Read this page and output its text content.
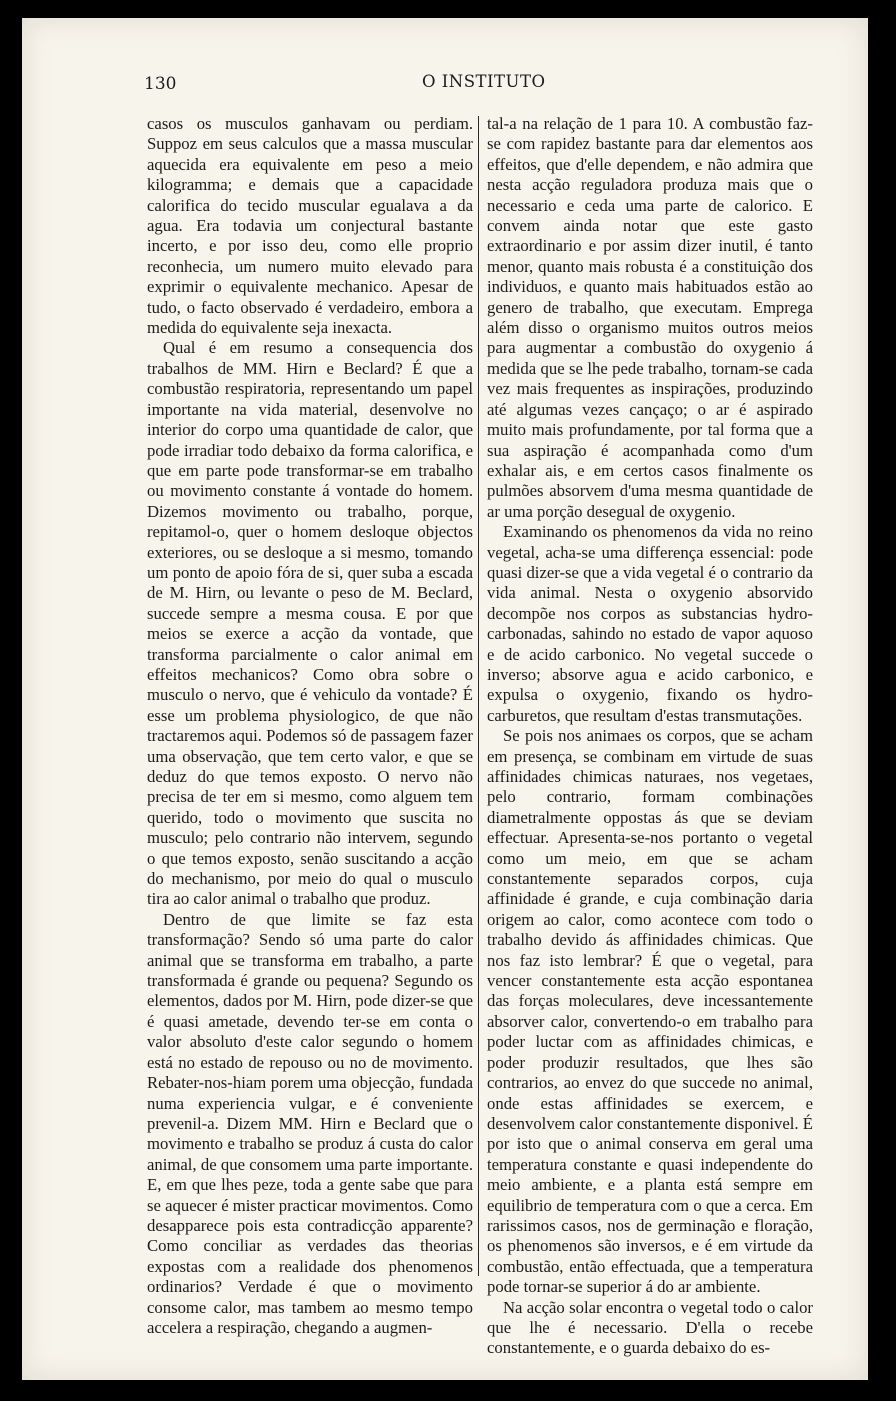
130	O INSTITUTO

casos os musculos ganhavam ou perdiam. Suppoz em seus calculos que a massa muscular aquecida era equivalente em peso a meio kilogramma; e demais que a capacidade calorifica do tecido muscular egualava a da agua. Era todavia um conjectural bastante incerto, e por isso deu, como elle proprio reconhecia, um numero muito elevado para exprimir o equivalente mechanico. Apesar de tudo, o facto observado é verdadeiro, embora a medida do equivalente seja inexacta.

Qual é em resumo a consequencia dos trabalhos de MM. Hirn e Beclard? É que a combustão respiratoria, representando um papel importante na vida material, desenvolve no interior do corpo uma quantidade de calor, que pode irradiar todo debaixo da forma calorifica, e que em parte pode transformar-se em trabalho ou movimento constante á vontade do homem. Dizemos movimento ou trabalho, porque, repitamol-o, quer o homem desloque objectos exteriores, ou se desloque a si mesmo, tomando um ponto de apoio fóra de si, quer suba a escada de M. Hirn, ou levante o peso de M. Beclard, succede sempre a mesma cousa. E por que meios se exerce a acção da vontade, que transforma parcialmente o calor animal em effeitos mechanicos? Como obra sobre o musculo o nervo, que é vehiculo da vontade? É esse um problema physiologico, de que não tractaremos aqui. Podemos só de passagem fazer uma observação, que tem certo valor, e que se deduz do que temos exposto. O nervo não precisa de ter em si mesmo, como alguem tem querido, todo o movimento que suscita no musculo; pelo contrario não intervem, segundo o que temos exposto, senão suscitando a acção do mechanismo, por meio do qual o musculo tira ao calor animal o trabalho que produz.

Dentro de que limite se faz esta transformação? Sendo só uma parte do calor animal que se transforma em trabalho, a parte transformada é grande ou pequena? Segundo os elementos, dados por M. Hirn, pode dizer-se que é quasi ametade, devendo ter-se em conta o valor absoluto d'este calor segundo o homem está no estado de repouso ou no de movimento. Rebater-nos-hiam porem uma objecção, fundada numa experiencia vulgar, e é conveniente prevenil-a. Dizem MM. Hirn e Beclard que o movimento e trabalho se produz á custa do calor animal, de que consomem uma parte importante. E, em que lhes peze, toda a gente sabe que para se aquecer é mister practicar movimentos. Como desapparece pois esta contradicção apparente? Como conciliar as verdades das theorias expostas com a realidade dos phenomenos ordinarios? Verdade é que o movimento consome calor, mas tambem ao mesmo tempo accelera a respiração, chegando a augmen-

tal-a na relação de 1 para 10. A combustão faz-se com rapidez bastante para dar elementos aos effeitos, que d'elle dependem, e não admira que nesta acção reguladora produza mais que o necessario e ceda uma parte de calorico. E convem ainda notar que este gasto extraordinario e por assim dizer inutil, é tanto menor, quanto mais robusta é a constituição dos individuos, e quanto mais habituados estão ao genero de trabalho, que executam. Emprega além disso o organismo muitos outros meios para augmentar a combustão do oxygenio á medida que se lhe pede trabalho, tornam-se cada vez mais frequentes as inspirações, produzindo até algumas vezes cançaço; o ar é aspirado muito mais profundamente, por tal forma que a sua aspiração é acompanhada como d'um exhalar ais, e em certos casos finalmente os pulmões absorvem d'uma mesma quantidade de ar uma porção desegual de oxygenio.

Examinando os phenomenos da vida no reino vegetal, acha-se uma differença essencial: pode quasi dizer-se que a vida vegetal é o contrario da vida animal. Nesta o oxygenio absorvido decompõe nos corpos as substancias hydro-carbonadas, sahindo no estado de vapor aquoso e de acido carbonico. No vegetal succede o inverso; absorve agua e acido carbonico, e expulsa o oxygenio, fixando os hydro-carburetos, que resultam d'estas transmutações.

Se pois nos animaes os corpos, que se acham em presença, se combinam em virtude de suas affinidades chimicas naturaes, nos vegetaes, pelo contrario, formam combinações diametralmente oppostas ás que se deviam effectuar. Apresenta-se-nos portanto o vegetal como um meio, em que se acham constantemente separados corpos, cuja affinidade é grande, e cuja combinação daria origem ao calor, como acontece com todo o trabalho devido ás affinidades chimicas. Que nos faz isto lembrar? É que o vegetal, para vencer constantemente esta acção espontanea das forças moleculares, deve incessantemente absorver calor, convertendo-o em trabalho para poder luctar com as affinidades chimicas, e poder produzir resultados, que lhes são contrarios, ao envez do que succede no animal, onde estas affinidades se exercem, e desenvolvem calor constantemente disponivel. É por isto que o animal conserva em geral uma temperatura constante e quasi independente do meio ambiente, e a planta está sempre em equilibrio de temperatura com o que a cerca. Em rarissimos casos, nos de germinação e floração, os phenomenos são inversos, e é em virtude da combustão, então effectuada, que a temperatura pode tornar-se superior á do ar ambiente.

Na acção solar encontra o vegetal todo o calor que lhe é necessario. D'ella o recebe constantemente, e o guarda debaixo do es-
